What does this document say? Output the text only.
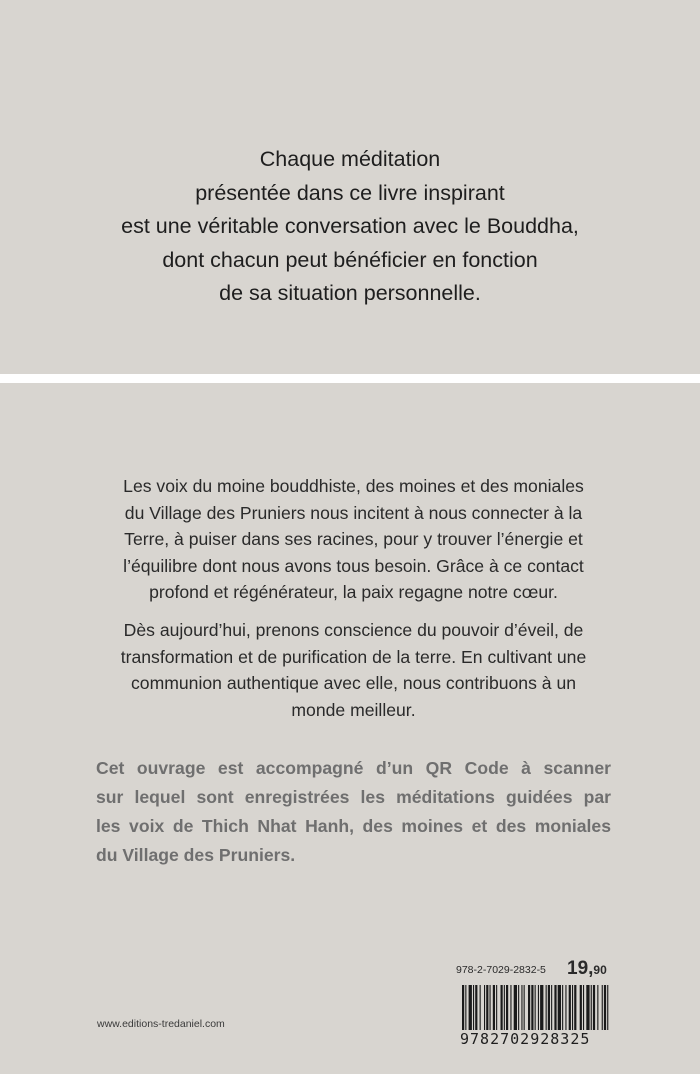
Chaque méditation
présentée dans ce livre inspirant
est une véritable conversation avec le Bouddha,
dont chacun peut bénéficier en fonction
de sa situation personnelle.
Les voix du moine bouddhiste, des moines et des moniales
du Village des Pruniers nous incitent à nous connecter à la
Terre, à puiser dans ses racines, pour y trouver l’énergie et
l’équilibre dont nous avons tous besoin. Grâce à ce contact
profond et régénérateur, la paix regagne notre cœur.
Dès aujourd’hui, prenons conscience du pouvoir d’éveil, de
transformation et de purification de la terre. En cultivant une
communion authentique avec elle, nous contribuons à un
monde meilleur.
Cet ouvrage est accompagné d’un QR Code à scanner
sur lequel sont enregistrées les méditations guidées par
les voix de Thich Nhat Hanh, des moines et des moniales
du Village des Pruniers.
978-2-7029-2832-5 19,90
9782702928325
www.editions-tredaniel.com
